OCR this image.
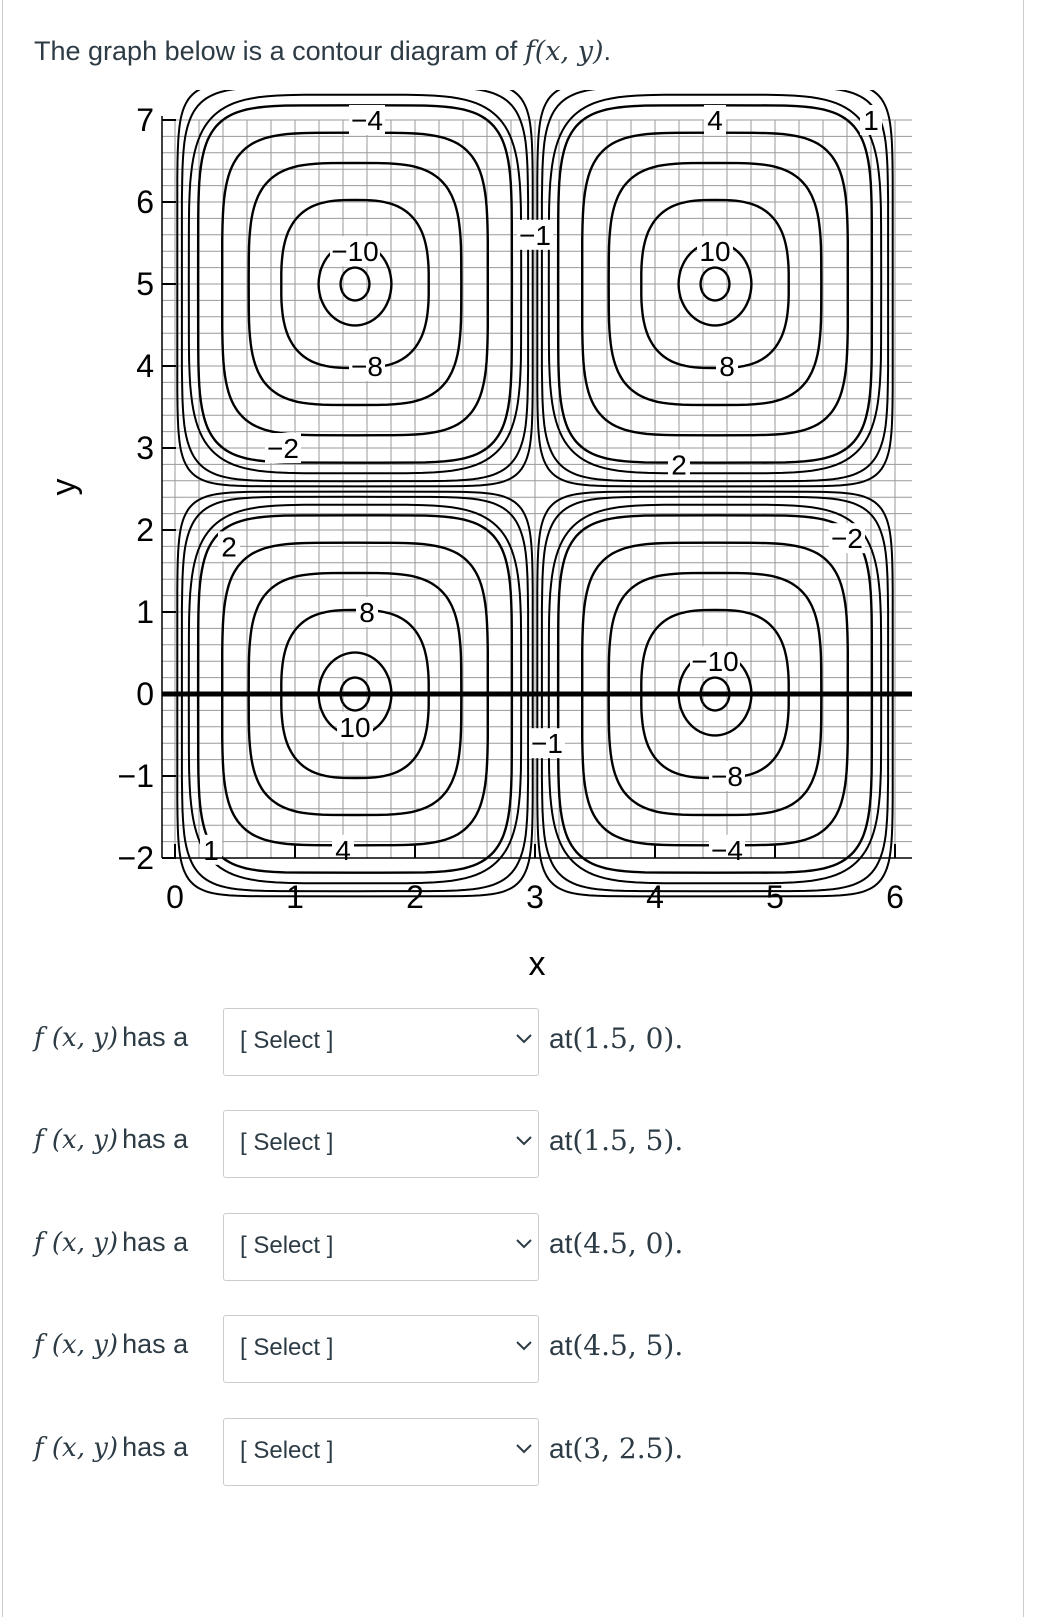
The graph below is a contour diagram of f(x, y).
−4
−10
−8
−2
−1
4	1
10
8
2
2
8
10
−1
−10
−2
−8
1	4	−4
7
6
5
4
3
2
1
0
−1
−2
0	1	2	3	4	5	6
x
y
f (x, y) has a [ Select ]	at(1.5, 0).
f (x, y) has a [ Select ]	at(1.5, 5).
f (x, y) has a [ Select ]	at(4.5, 0).
f (x, y) has a [ Select ]	at(4.5, 5).
f (x, y) has a [ Select ]	at(3, 2.5).
